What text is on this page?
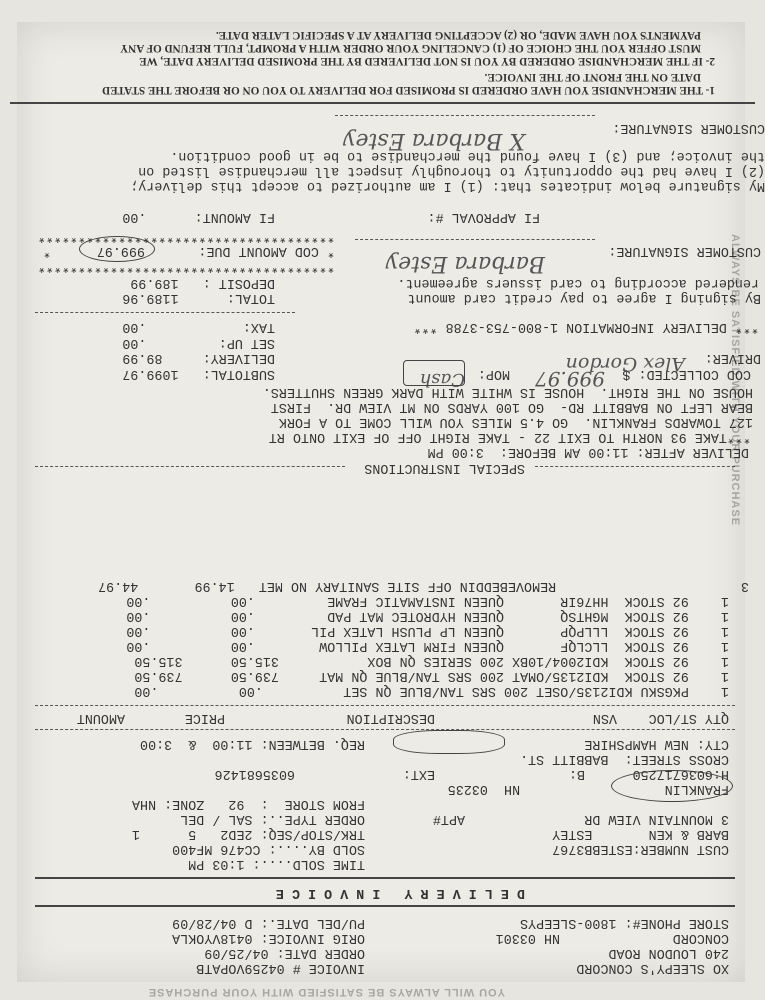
YOU WILL ALWAYS BE SATISFIED WITH YOUR PURCHASE

XO SLEEPY'S CONCORD

INVOICE # 04259VOPATB

240 LOUDON ROAD

ORDER DATE: 04/25/09

CONCORD

NH 03301

ORIG INVOICE: 0418VYOKLA

STORE PHONE#: 1800-SLEEPYS

PU/DEL DATE.: D 04/28/09

D E L I V E R Y   I N V O I C E

TIME SOLD....: 1:03 PM

CUST NUMBER:ESTEBB3767

SOLD BY....: CC476 MF400

BARB & KEN       ESTEY

TRK/STOP/SEQ: 2ED2   5      1

3 MOUNTAIN VIEW DR

APT#

ORDER TYPE..: SAL / DEL

FROM STORE  :  92   ZONE: NHA

FRANKLIN                  NH  03235

H:6036717250

B:

EXT:

6035681426

CROSS STREET:  BABBITT ST.

CTY: NEW HAMPSHIRE

REQ. BETWEEN: 11:00  &  3:00

QTY ST/LOC

VSN

DESCRIPTION

PRICE

AMOUNT

1    PKGSKU KDI2135/OSET 200 SRS TAN/BLUE QN SET          .00          .00

1    92 STOCK  KDI2135/OMAT 200 SRS TAN/BLUE QN MAT     739.50      739.50

1    92 STOCK  KDI2004/10BX 200 SERIES QN BOX           315.50      315.50

1    92 STOCK  LLCLQF       QUEEN FIRM LATEX PILLOW        .00          .00

1    92 STOCK  LLLPQP       QUEEN LP PLUSH LATEX PIL       .00          .00

1    92 STOCK  MGHTSQ       QUEEN HYDROTEC MAT PAD         .00          .00

1    92 STOCK  HH76IR       QUEEN INSTAMATIC FRAME         .00          .00

3                       REMOVEBEDDIN OFF SITE SANITARY NO MET   14.99       44.97

SPECIAL INSTRUCTIONS

DELIVER AFTER: 11:00 AM BEFORE:  3:00 PM

***TAKE 93 NORTH TO EXIT 22 - TAKE RIGHT OFF OF EXIT ONTO RT

127 TOWARDS FRANKLIN.  GO 4.5 MILES YOU WILL COME TO A FORK

BEAR LEFT ON BABBITT RD-  GO 100 YARDS ON MT VIEW DR.  FIRST

HOUSE ON THE RIGHT.  HOUSE IS WHITE WITH DARK GREEN SHUTTERS.

COD COLLECTED: $

999.97

MOP:

Cash

SUBTOTAL:   1099.97

DRIVER:

Alex Gordon

DELIVERY:     89.99

SET UP:         .00

*** DELIVERY INFORMATION 1-800-753-3788 ***

TAX:            .00

By signing I agree to pay credit card amount

TOTAL:      1189.96

rendered according to card issuers agreement.

DEPOSIT :   189.99

*************************************

CUSTOMER SIGNATURE:

Barbara Estey

* COD AMOUNT DUE:

999.97

*

*************************************

FI APPROVAL #:

FI AMOUNT:      .00

My signature below indicates that: (1) I am authorized to accept this delivery;

(2) I have had the opportunity to thoroughly inspect all merchandise listed on

the invoice; and (3) I have found the merchandise to be in good condition.

CUSTOMER SIGNATURE:

X Barbara Estey

1- THE MERCHANDISE YOU HAVE ORDERED IS PROMISED FOR DELIVERY TO YOU ON OR BEFORE THE STATED
DATE ON THE FRONT OF THE INVOICE.
2- IF THE MERCHANDISE ORDERED BY YOU IS NOT DELIVERED BY THE PROMISED DELIVERY DATE, WE
MUST OFFER YOU THE CHOICE OF (1) CANCELING YOUR ORDER WITH A PROMPT, FULL REFUND OF ANY
PAYMENTS YOU HAVE MADE, OR (2) ACCEPTING DELIVERY AT A SPECIFIC LATER DATE.
ALWAYS BE SATISFIED WITH YOUR PURCHASE
